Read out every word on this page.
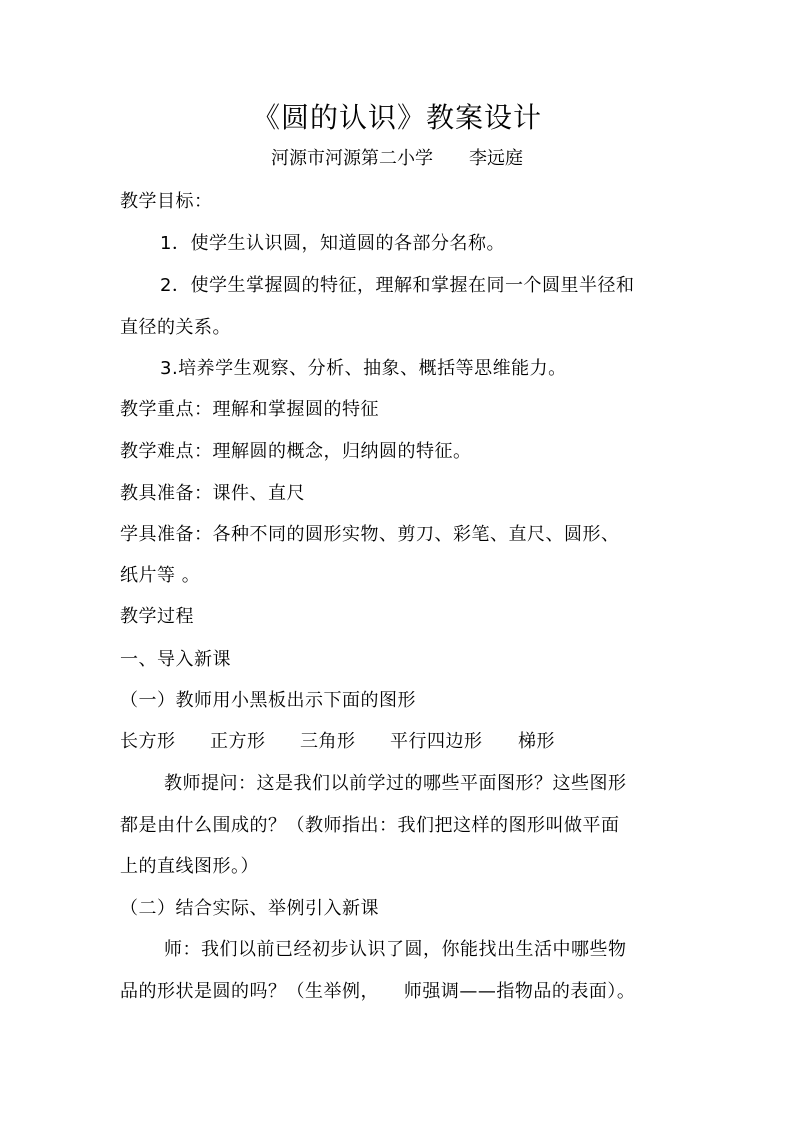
《圆的认识》教案设计
河源市河源第二小学 李远庭
教学目标：
1．使学生认识圆，知道圆的各部分名称。
2．使学生掌握圆的特征，理解和掌握在同一个圆里半径和
直径的关系。
3.培养学生观察、分析、抽象、概括等思维能力。
教学重点：理解和掌握圆的特征
教学难点：理解圆的概念，归纳圆的特征。
教具准备：课件、直尺
学具准备：各种不同的圆形实物、剪刀、彩笔、直尺、圆形、
纸片等 。
教学过程
一、导入新课
（一）教师用小黑板出示下面的图形
长方形 正方形 三角形 平行四边形 梯形
教师提问：这是我们以前学过的哪些平面图形？这些图形
都是由什么围成的？（教师指出：我们把这样的图形叫做平面
上的直线图形。）
（二）结合实际、举例引入新课
师：我们以前已经初步认识了圆，你能找出生活中哪些物
品的形状是圆的吗？（生举例，    师强调——指物品的表面）。
